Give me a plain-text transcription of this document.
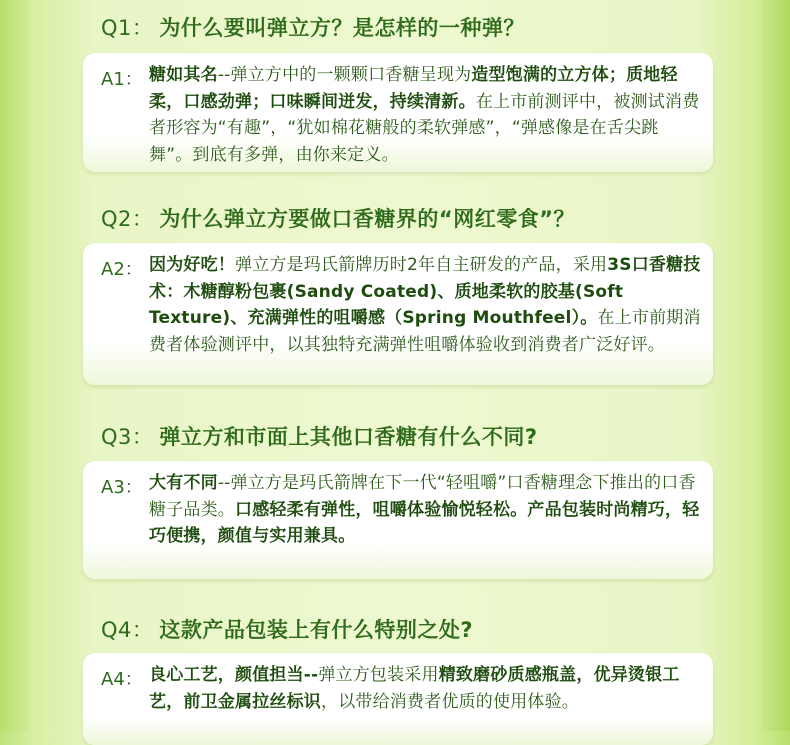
Q1： 为什么要叫弹立方？是怎样的一种弹？
A1： 糖如其名--弹立方中的一颗颗口香糖呈现为造型饱满的立方体；质地轻柔，口感劲弹；口味瞬间迸发，持续清新。在上市前测评中，被测试消费者形容为“有趣”，“犹如棉花糖般的柔软弹感”，“弹感像是在舌尖跳舞”。到底有多弹，由你来定义。
Q2： 为什么弹立方要做口香糖界的“网红零食”？
A2： 因为好吃！弹立方是玛氏箭牌历时2年自主研发的产品，采用3S口香糖技术：木糖醇粉包裹(Sandy Coated)、质地柔软的胶基(Soft Texture)、充满弹性的咀嚼感（Spring Mouthfeel）。在上市前期消费者体验测评中，以其独特充满弹性咀嚼体验收到消费者广泛好评。
Q3： 弹立方和市面上其他口香糖有什么不同?
A3： 大有不同--弹立方是玛氏箭牌在下一代“轻咀嚼”口香糖理念下推出的口香糖子品类。口感轻柔有弹性，咀嚼体验愉悦轻松。产品包装时尚精巧，轻巧便携，颜值与实用兼具。
Q4： 这款产品包装上有什么特别之处?
A4： 良心工艺，颜值担当--弹立方包装采用精致磨砂质感瓶盖，优异烫银工艺，前卫金属拉丝标识，以带给消费者优质的使用体验。
